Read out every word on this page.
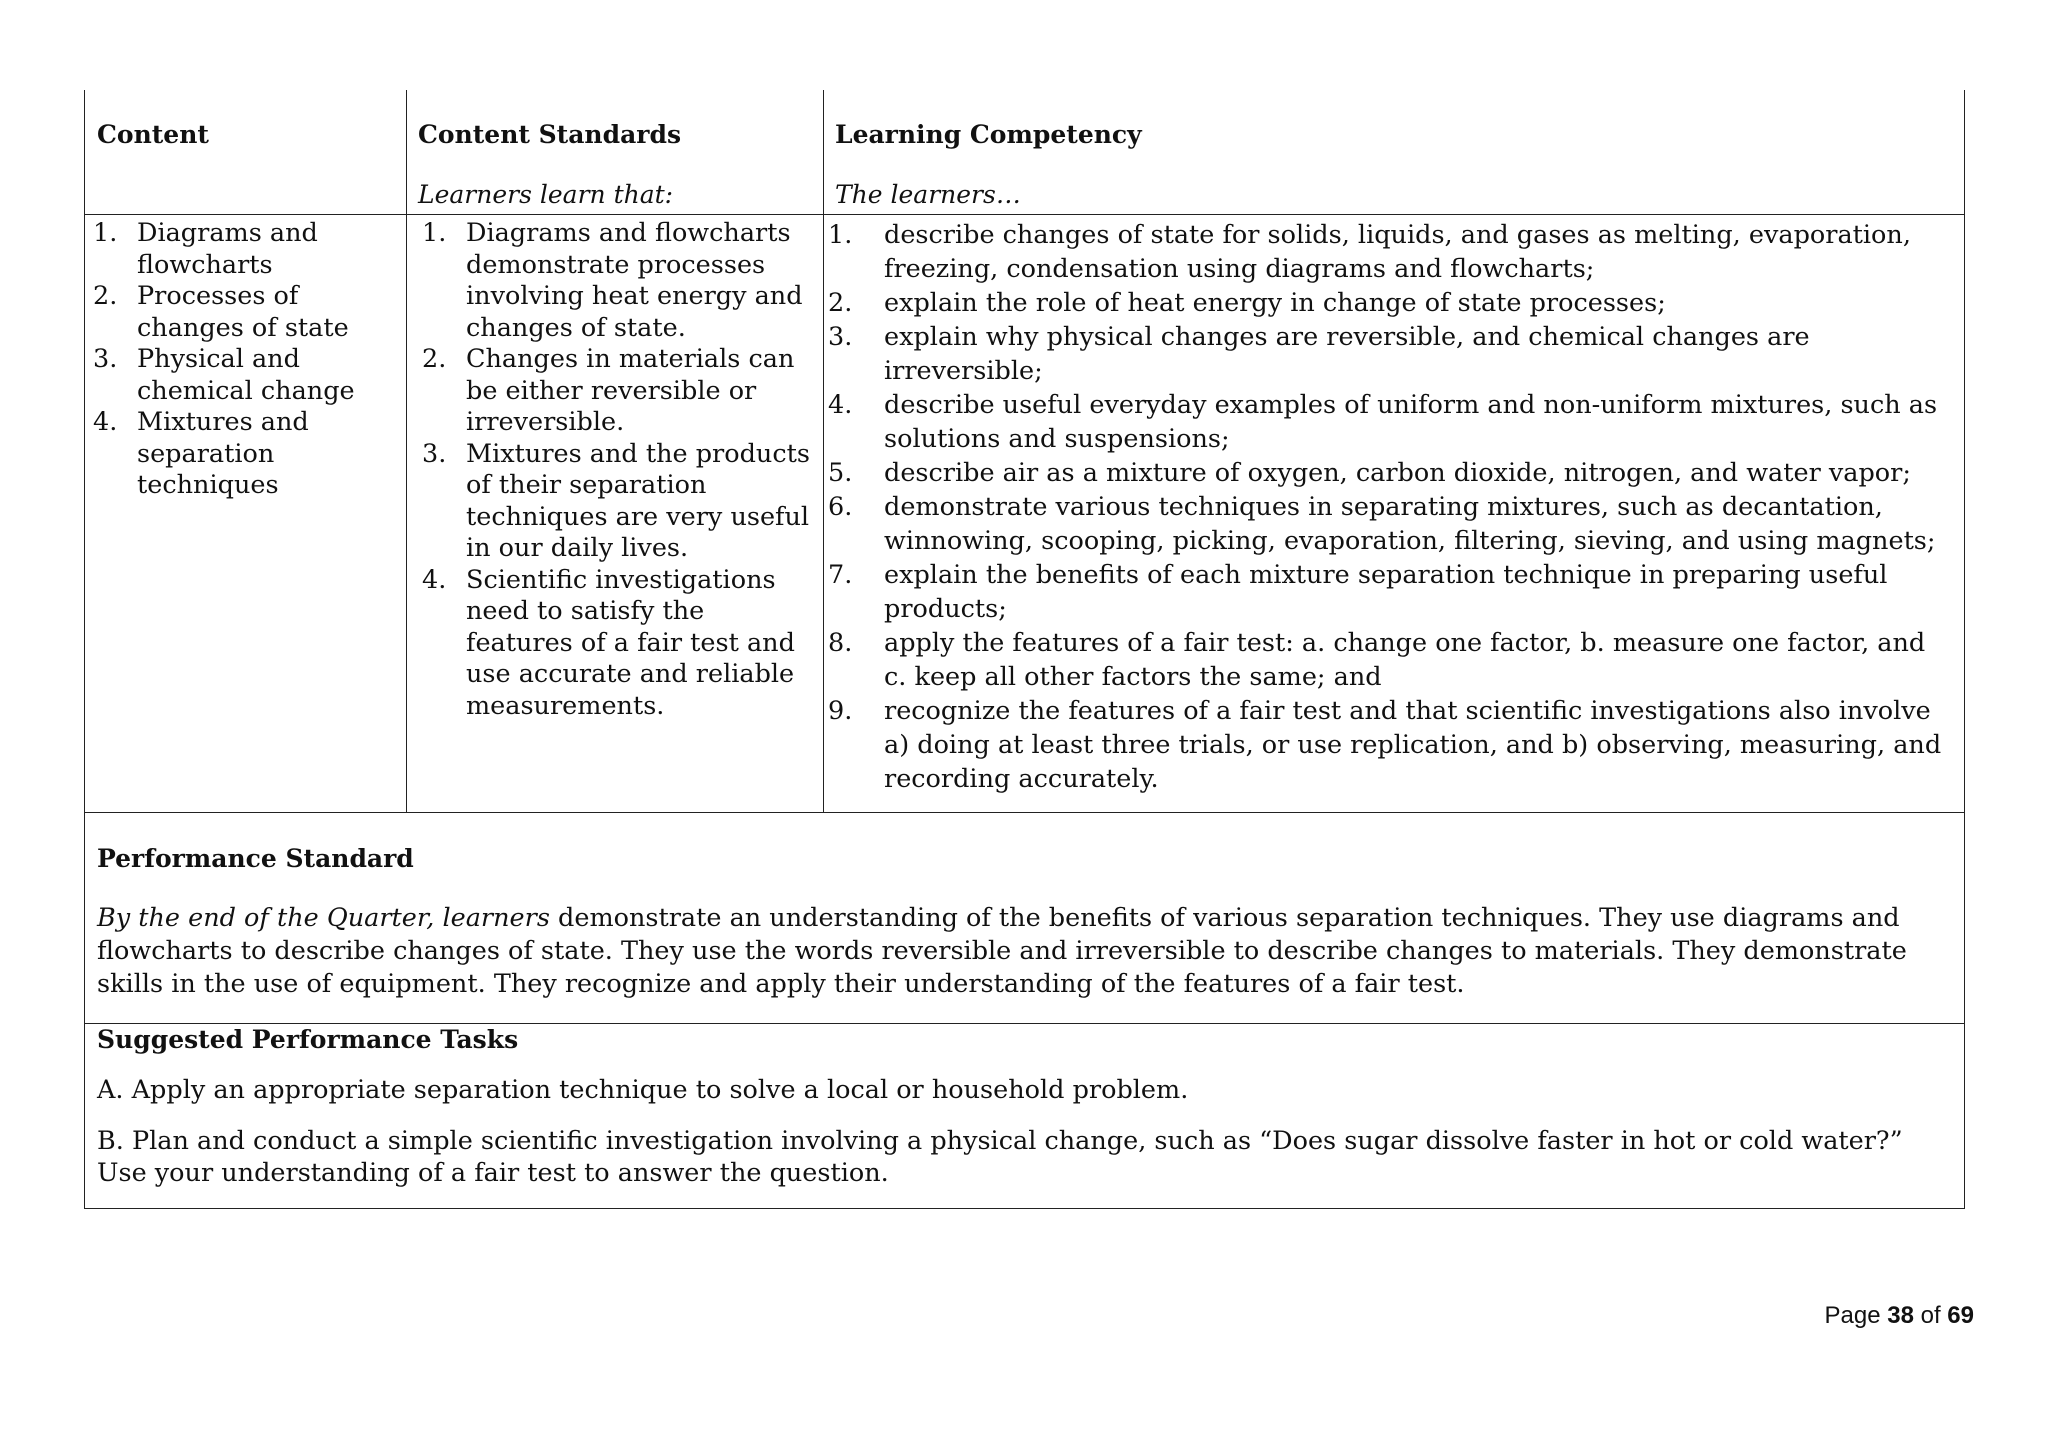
Content	Content Standards

Learners learn that:

Learning Competency

The learners…

1. Diagrams and flowcharts
2. Processes of changes of state
3. Physical and chemical change
4. Mixtures and separation techniques
1. Diagrams and flowcharts demonstrate processes involving heat energy and changes of state.
2. Changes in materials can be either reversible or irreversible.
3. Mixtures and the products of their separation techniques are very useful in our daily lives.
4. Scientific investigations need to satisfy the features of a fair test and use accurate and reliable measurements.
1. describe changes of state for solids, liquids, and gases as melting, evaporation, freezing, condensation using diagrams and flowcharts;
2. explain the role of heat energy in change of state processes;
3. explain why physical changes are reversible, and chemical changes are irreversible;
4. describe useful everyday examples of uniform and non-uniform mixtures, such as solutions and suspensions;
5. describe air as a mixture of oxygen, carbon dioxide, nitrogen, and water vapor;
6. demonstrate various techniques in separating mixtures, such as decantation, winnowing, scooping, picking, evaporation, filtering, sieving, and using magnets;
7. explain the benefits of each mixture separation technique in preparing useful products;
8. apply the features of a fair test: a. change one factor, b. measure one factor, and c. keep all other factors the same; and
9. recognize the features of a fair test and that scientific investigations also involve a) doing at least three trials, or use replication, and b) observing, measuring, and recording accurately.

Performance Standard

By the end of the Quarter, learners demonstrate an understanding of the benefits of various separation techniques. They use diagrams and flowcharts to describe changes of state. They use the words reversible and irreversible to describe changes to materials. They demonstrate skills in the use of equipment. They recognize and apply their understanding of the features of a fair test.

Suggested Performance Tasks

A. Apply an appropriate separation technique to solve a local or household problem.

B. Plan and conduct a simple scientific investigation involving a physical change, such as “Does sugar dissolve faster in hot or cold water?” Use your understanding of a fair test to answer the question.

Page 38 of 69
